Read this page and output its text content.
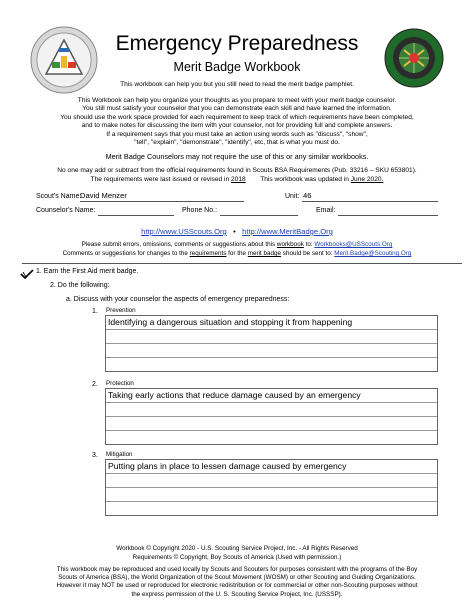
Emergency Preparedness
Merit Badge Workbook
This workbook can help you but you still need to read the merit badge pamphlet.
This Workbook can help you organize your thoughts as you prepare to meet with your merit badge counselor.
You still must satisfy your counselor that you can demonstrate each skill and have learned the information.
You should use the work space provided for each requirement to keep track of which requirements have been completed,
and to make notes for discussing the item with your counselor, not for providing full and complete answers.
If a requirement says that you must take an action using words such as "discuss", "show",
"tell", "explain", "demonstrate", "identify", etc, that is what you must do.
Merit Badge Counselors may not require the use of this or any similar workbooks.
No one may add or subtract from the official requirements found in Scouts BSA Requirements (Pub. 33216 – SKU 653801).
The requirements were last issued or revised in 2018 This workbook was updated in June 2020.
Scout's Name:
David Menzer	Unit: 46
Counselor's Name:	Phone No.:	Email:
http://www.USScouts.Org • http://www.MeritBadge.Org
Please submit errors, omissions, comments or suggestions about this workbook to: Workbooks@USScouts.Org
Comments or suggestions for changes to the requirements for the merit badge should be sent to: Merit.Badge@Scouting.Org
1. Earn the First Aid merit badge.
2. Do the following:
a. Discuss with your counselor the aspects of emergency preparedness:
1. Prevention
Identifying a dangerous situation and stopping it from happening
2. Protection
Taking early actions that reduce damage caused by an emergency
3. Mitigation
Putting plans in place to lessen damage caused by emergency
Workbook © Copyright 2020 - U.S. Scouting Service Project, Inc. - All Rights Reserved
Requirements © Copyright, Boy Scouts of America (Used with permission.)
This workbook may be reproduced and used locally by Scouts and Scouters for purposes consistent with the programs of the Boy
Scouts of America (BSA), the World Organization of the Scout Movement (WOSM) or other Scouting and Guiding Organizations.
However it may NOT be used or reproduced for electronic redistribution or for commercial or other non-Scouting purposes without
the express permission of the U. S. Scouting Service Project, Inc. (USSSP).
